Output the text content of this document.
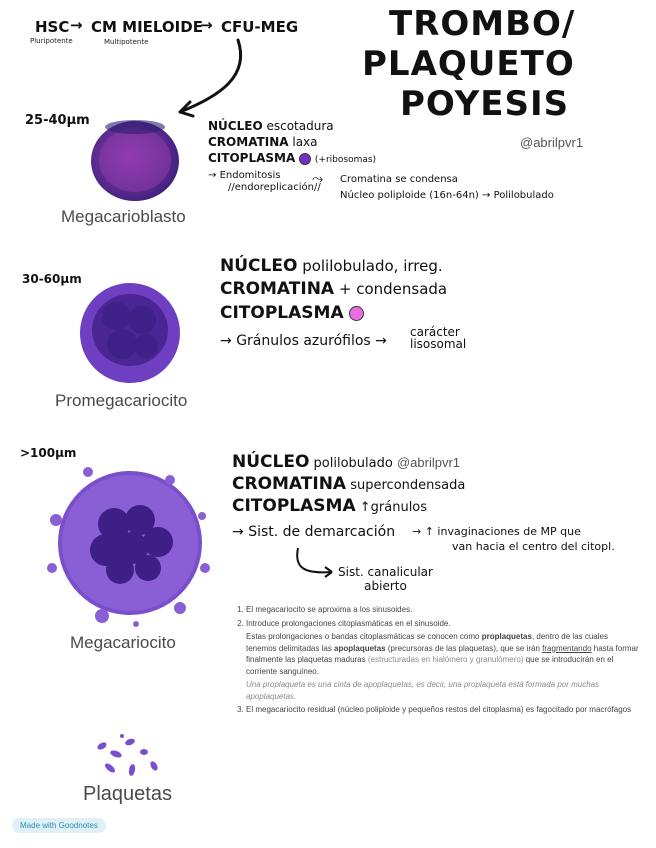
HSC
Pluripotente
→ CM MIELOIDE
Multipotente
→ CFU-MEG	TROMBO/
PLAQUETO
POYESIS
@abrilpvr1
25-40µm
Megacarioblasto
NÚCLEO escotadura
CROMATINA laxa
CITOPLASMA (+ribosomas)
→ Endomitosis
//endoreplicación//
⤳ Cromatina se condensa
Núcleo poliploide (16n-64n) → Polilobulado
30-60µm
Promegacariocito
NÚCLEO polilobulado, irreg.
CROMATINA + condensada
CITOPLASMA
→ Gránulos azurófilos →
carácter
lisosomal
>100µm
Megacariocito
NÚCLEO polilobulado @abrilpvr1
CROMATINA supercondensada
CITOPLASMA ↑gránulos
→ Sist. de demarcación → ↑ invaginaciones de MP que
van hacia el centro del citopl.
Sist. canalicular
abierto
1. El megacariocito se aproxima a los sinusoides.
2. Introduce prolongaciones citoplasmáticas en el sinusoide.

Estas prolongaciones o bandas citoplasmáticas se conocen como proplaquetas, dentro de las cuales tenemos delimitadas las apoplaquetas (precursoras de las plaquetas), que se irán fragmentando hasta formar finalmente las plaquetas maduras (estructuradas en hialómero y granulómero) que se introducirán en el corriente sanguíneo.

Una proplaqueta es una cinta de apoplaquetas, es decir, una proplaqueta está formada por muchas apoplaquetas.

3. El megacariocito residual (núcleo poliploide y pequeños restos del citoplasma) es fagocitado por macrófagos
Plaquetas
Made with Goodnotes
